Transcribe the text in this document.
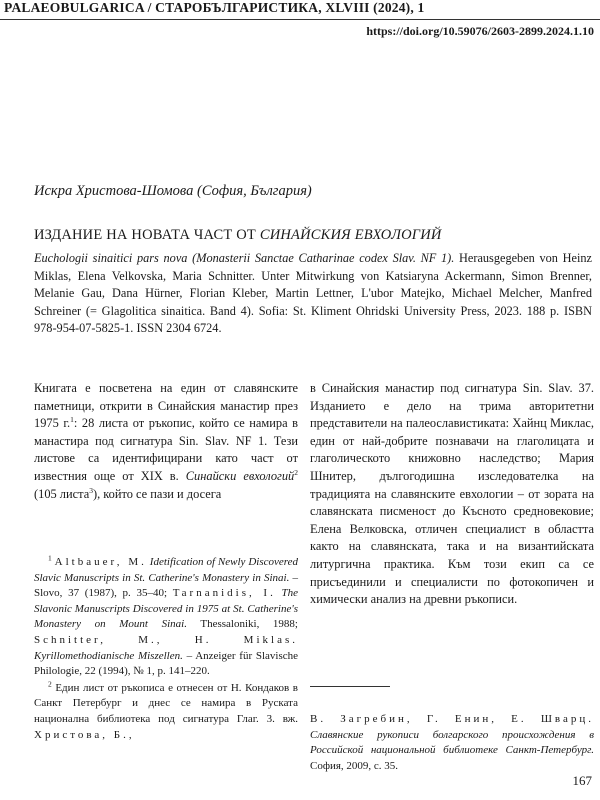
PALAEOBULGARICA / СТАРОБЪЛГАРИСТИКА, XLVIII (2024), 1
https://doi.org/10.59076/2603-2899.2024.1.10
Искра Христова-Шомова (София, България)
ИЗДАНИЕ НА НОВАТА ЧАСТ ОТ СИНАЙСКИЯ ЕВХОЛОГИЙ

Euchologii sinaitici pars nova (Monasterii Sanctae Catharinae codex Slav. NF 1). Herausgegeben von Heinz Miklas, Elena Velkovska, Maria Schnitter. Unter Mitwirkung von Katsiaryna Ackermann, Simon Brenner, Melanie Gau, Dana Hürner, Florian Kleber, Martin Lettner, L'ubor Matejko, Michael Melcher, Manfred Schreiner (= Glagolitica sinaitica. Band 4). Sofia: St. Kliment Ohridski University Press, 2023. 188 p. ISBN 978-954-07-5825-1. ISSN 2304 6724.

Книгата е посветена на един от славянските паметници, открити в Синайския манастир през 1975 г.$^1$: 28 листа от ръкопис, който се намира в манастира под сигнатура Sin. Slav. NF 1. Тези листове са идентифицирани като част от известния още от XIX в. Синайски евхологий$^2$ (105 листа$^3$), който се пази и досега

в Синайския манастир под сигнатура Sin. Slav. 37. Изданието е дело на трима авторитетни представители на палеославистиката: Хайнц Миклас, един от най-добрите познавачи на глаголицата и глаголическото книжовно наследство; Мария Шнитер, дългогодишна изследователка на традицията на славянските евхологии – от зората на славянската писменост до Късното средновековие; Елена Велковска, отличен специалист в областта както на славянската, така и на византийската литургична практика. Към този екип са се присъединили и специалисти по фотокопичен и химически анализ на древни ръкописи.

$^1$ Altbauer, M. Idetification of Newly Discovered Slavic Manuscripts in St. Catherine's Monastery in Sinai. – Slovo, 37 (1987), p. 35–40; Tarnanidis, I. The Slavonic Manuscripts Discovered in 1975 at St. Catherine's Monastery on Mount Sinai. Thessaloniki, 1988; Schnitter, M., H. Miklas. Kyrillomethodianische Miszellen. – Anzeiger für Slavische Philologie, 22 (1994), № 1, p. 141–220.

$^2$ Един лист от ръкописа е отнесен от Н. Кондаков в Санкт Петербург и днес се намира в Руската национална библиотека под сигнатура Глаг. 3. вж. Христова, Б.,

В. Загребин, Г. Енин, Е. Шварц. Славянские рукописи болгарского происхождения в Российской национальной библиотеке Санкт-Петербург. София, 2009, с. 35.

167
